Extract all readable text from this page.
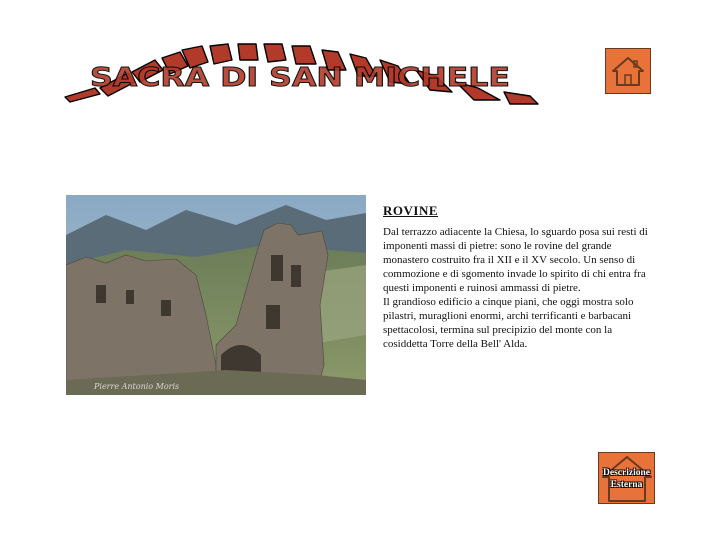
SACRA DI SAN MICHELE
Pierre Antonio Moris
ROVINE

Dal terrazzo adiacente la Chiesa, lo sguardo posa sui resti di imponenti massi di pietre: sono le rovine del grande monastero costruito fra il XII e il XV secolo. Un senso di commozione e di sgomento invade lo spirito di chi entra fra questi imponenti e ruinosi ammassi di pietre.

Il grandioso edificio a cinque piani, che oggi mostra solo pilastri, muraglioni enormi, archi terrificanti e barbacani spettacolosi, termina sul precipizio del monte con la cosiddetta Torre della Bell' Alda.

Descrizione
Esterna
